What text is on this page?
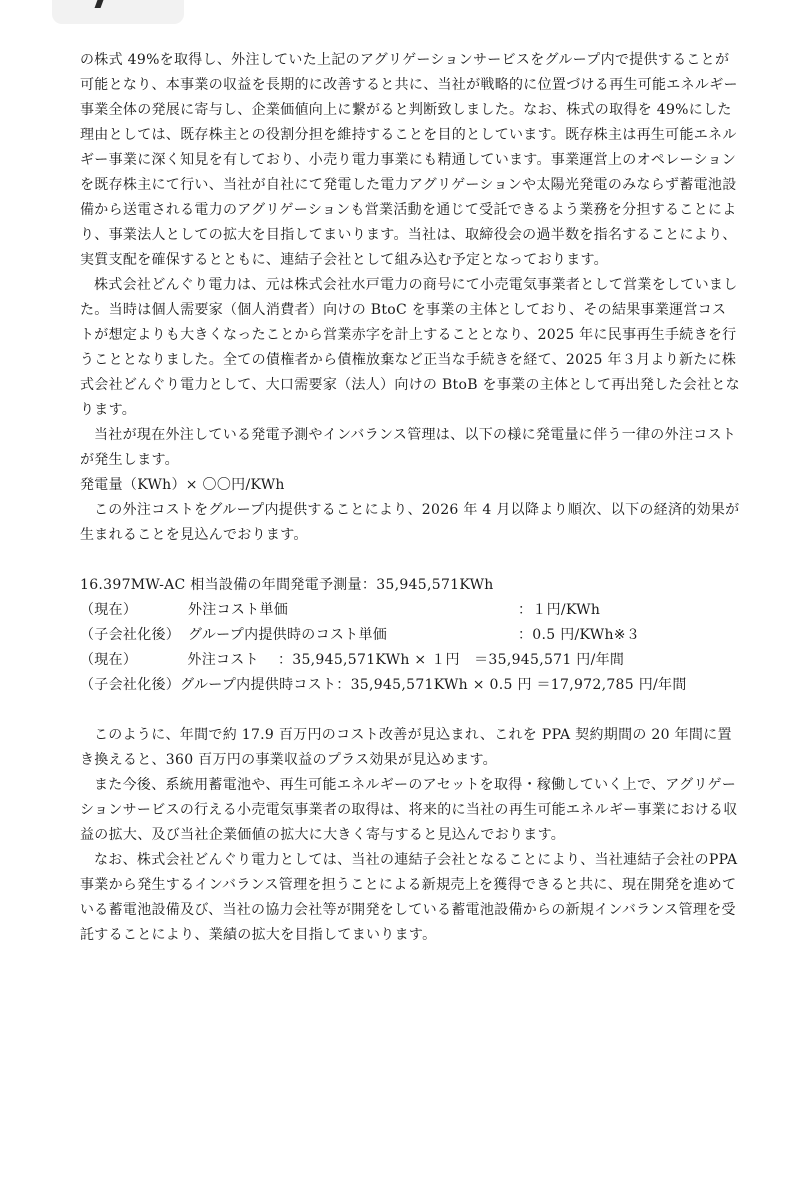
の株式 49%を取得し、外注していた上記のアグリゲーションサービスをグループ内で提供することが可能となり、本事業の収益を長期的に改善すると共に、当社が戦略的に位置づける再生可能エネルギー事業全体の発展に寄与し、企業価値向上に繋がると判断致しました。なお、株式の取得を 49%にした理由としては、既存株主との役割分担を維持することを目的としています。既存株主は再生可能エネルギー事業に深く知見を有しており、小売り電力事業にも精通しています。事業運営上のオペレーションを既存株主にて行い、当社が自社にて発電した電力アグリゲーションや太陽光発電のみならず蓄電池設備から送電される電力のアグリゲーションも営業活動を通じて受託できるよう業務を分担することにより、事業法人としての拡大を目指してまいります。当社は、取締役会の過半数を指名することにより、実質支配を確保するとともに、連結子会社として組み込む予定となっております。

株式会社どんぐり電力は、元は株式会社水戸電力の商号にて小売電気事業者として営業をしていました。当時は個人需要家（個人消費者）向けの BtoC を事業の主体としており、その結果事業運営コストが想定よりも大きくなったことから営業赤字を計上することとなり、2025 年に民事再生手続きを行うこととなりました。全ての債権者から債権放棄など正当な手続きを経て、2025 年３月より新たに株式会社どんぐり電力として、大口需要家（法人）向けの BtoB を事業の主体として再出発した会社となります。

当社が現在外注している発電予測やインバランス管理は、以下の様に発電量に伴う一律の外注コストが発生します。

発電量（KWh）× 〇〇円/KWh

この外注コストをグループ内提供することにより、2026 年 4 月以降より順次、以下の経済的効果が生まれることを見込んでおります。

16.397MW-AC 相当設備の年間発電予測量：35,945,571KWh

（現在）	外注コスト単価	：１円/KWh
（子会社化後） グループ内提供時のコスト単価	：0.5 円/KWh※３

（現在）　　　　外注コスト　 ：35,945,571KWh × １円　＝35,945,571 円/年間

（子会社化後）グループ内提供時コスト：35,945,571KWh × 0.5 円 ＝17,972,785 円/年間

このように、年間で約 17.9 百万円のコスト改善が見込まれ、これを PPA 契約期間の 20 年間に置き換えると、360 百万円の事業収益のプラス効果が見込めます。

また今後、系統用蓄電池や、再生可能エネルギーのアセットを取得・稼働していく上で、アグリゲーションサービスの行える小売電気事業者の取得は、将来的に当社の再生可能エネルギー事業における収益の拡大、及び当社企業価値の拡大に大きく寄与すると見込んでおります。

なお、株式会社どんぐり電力としては、当社の連結子会社となることにより、当社連結子会社のPPA事業から発生するインバランス管理を担うことによる新規売上を獲得できると共に、現在開発を進めている蓄電池設備及び、当社の協力会社等が開発をしている蓄電池設備からの新規インバランス管理を受託することにより、業績の拡大を目指してまいります。
